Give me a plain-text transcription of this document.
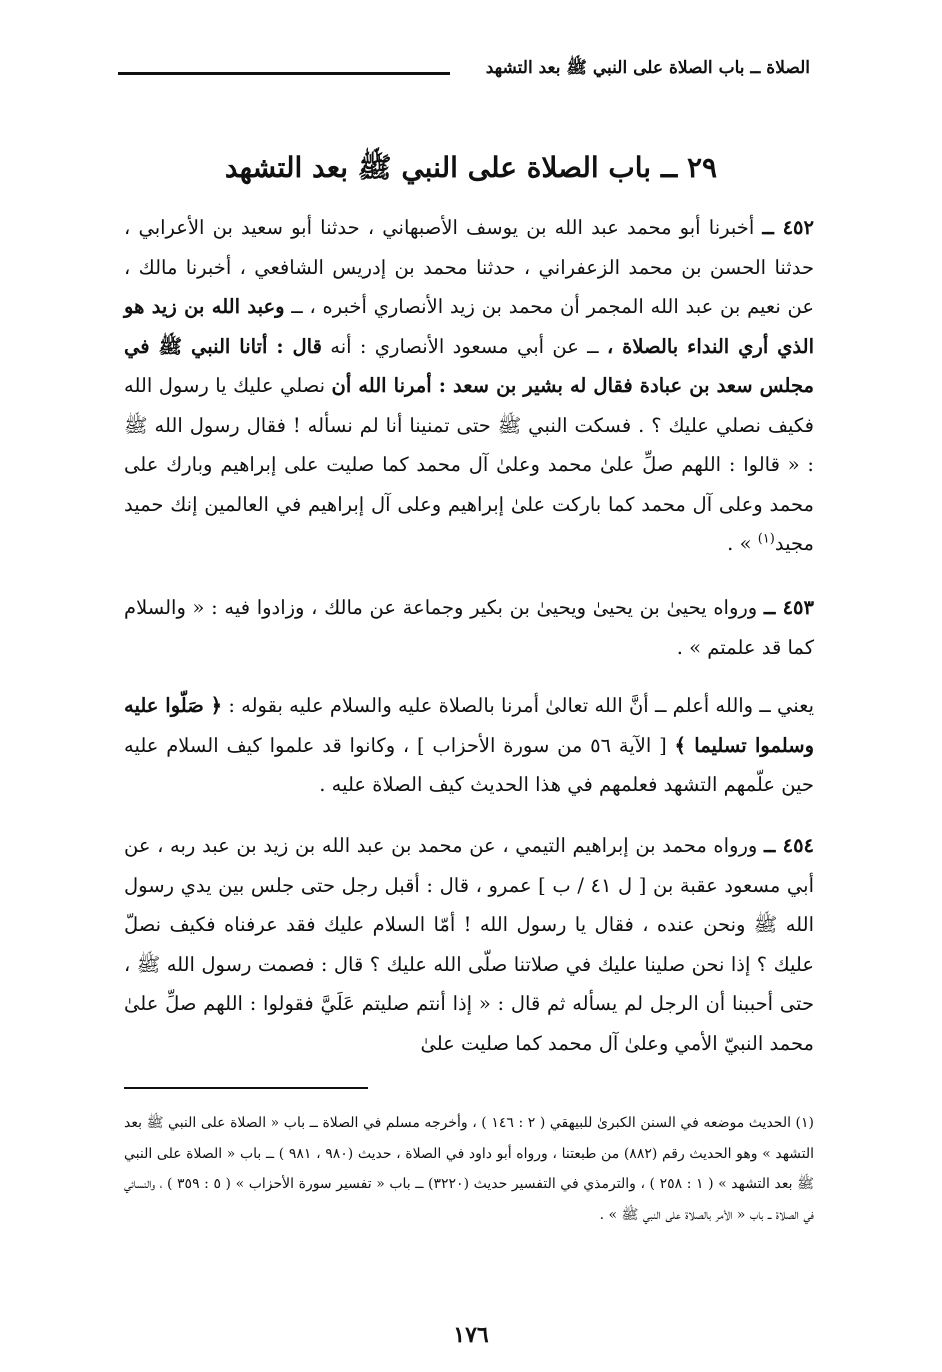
الصلاة ــ باب الصلاة على النبي ﷺ بعد التشهد
٢٩ ــ باب الصلاة على النبي ﷺ بعد التشهد

٤٥٢ ــ أخبرنا أبو محمد عبد الله بن يوسف الأصبهاني ، حدثنا أبو سعيد بن الأعرابي ، حدثنا الحسن بن محمد الزعفراني ، حدثنا محمد بن إدريس الشافعي ، أخبرنا مالك ، عن نعيم بن عبد الله المجمر أن محمد بن زيد الأنصاري أخبره ، ــ وعبد الله بن زيد هو الذي أري النداء بالصلاة ، ــ عن أبي مسعود الأنصاري : أنه قال : أتانا النبي ﷺ في مجلس سعد بن عبادة فقال له بشير بن سعد : أمرنا الله أن نصلي عليك يا رسول الله فكيف نصلي عليك ؟ . فسكت النبي ﷺ حتى تمنينا أنا لم نسأله ! فقال رسول الله ﷺ : « قالوا : اللهم صلِّ علىٰ محمد وعلىٰ آل محمد كما صليت على إبراهيم وبارك على محمد وعلى آل محمد كما باركت علىٰ إبراهيم وعلى آل إبراهيم في العالمين إنك حميد مجيد$^{(١)}$ » .

٤٥٣ ــ ورواه يحيىٰ بن يحيىٰ ويحيىٰ بن بكير وجماعة عن مالك ، وزادوا فيه : « والسلام كما قد علمتم » .

يعني ــ والله أعلم ــ أنَّ الله تعالىٰ أمرنا بالصلاة عليه والسلام عليه بقوله : ﴿ صَلّوا عليه وسلموا تسليما ﴾ [ الآية ٥٦ من سورة الأحزاب ] ، وكانوا قد علموا كيف السلام عليه حين علّمهم التشهد فعلمهم في هذا الحديث كيف الصلاة عليه .

٤٥٤ ــ ورواه محمد بن إبراهيم التيمي ، عن محمد بن عبد الله بن زيد بن عبد ربه ، عن أبي مسعود عقبة بن [ ل ٤١ / ب ] عمرو ، قال : أقبل رجل حتى جلس بين يدي رسول الله ﷺ ونحن عنده ، فقال يا رسول الله ! أمّا السلام عليك فقد عرفناه فكيف نصلّ عليك ؟ إذا نحن صلينا عليك في صلاتنا صلّى الله عليك ؟ قال : فصمت رسول الله ﷺ ، حتى أحببنا أن الرجل لم يسأله ثم قال : « إذا أنتم صليتم عَلَيَّ فقولوا : اللهم صلِّ علىٰ محمد النبيّ الأمي وعلىٰ آل محمد كما صليت علىٰ

(١) الحديث موضعه في السنن الكبرىٰ للبيهقي ( ٢ : ١٤٦ ) ، وأخرجه مسلم في الصلاة ــ باب « الصلاة على النبي ﷺ بعد التشهد » وهو الحديث رقم (٨٨٢) من طبعتنا ، ورواه أبو داود في الصلاة ، حديث (٩٨٠ ، ٩٨١ ) ــ باب « الصلاة على النبي ﷺ بعد التشهد » ( ١ : ٢٥٨ ) ، والترمذي في التفسير حديث (٣٢٢٠) ــ باب « تفسير سورة الأحزاب » ( ٥ : ٣٥٩ ) ، والنسائي في الصلاة ــ باب « الأمر بالصلاة على النبي ﷺ » .

١٧٦
